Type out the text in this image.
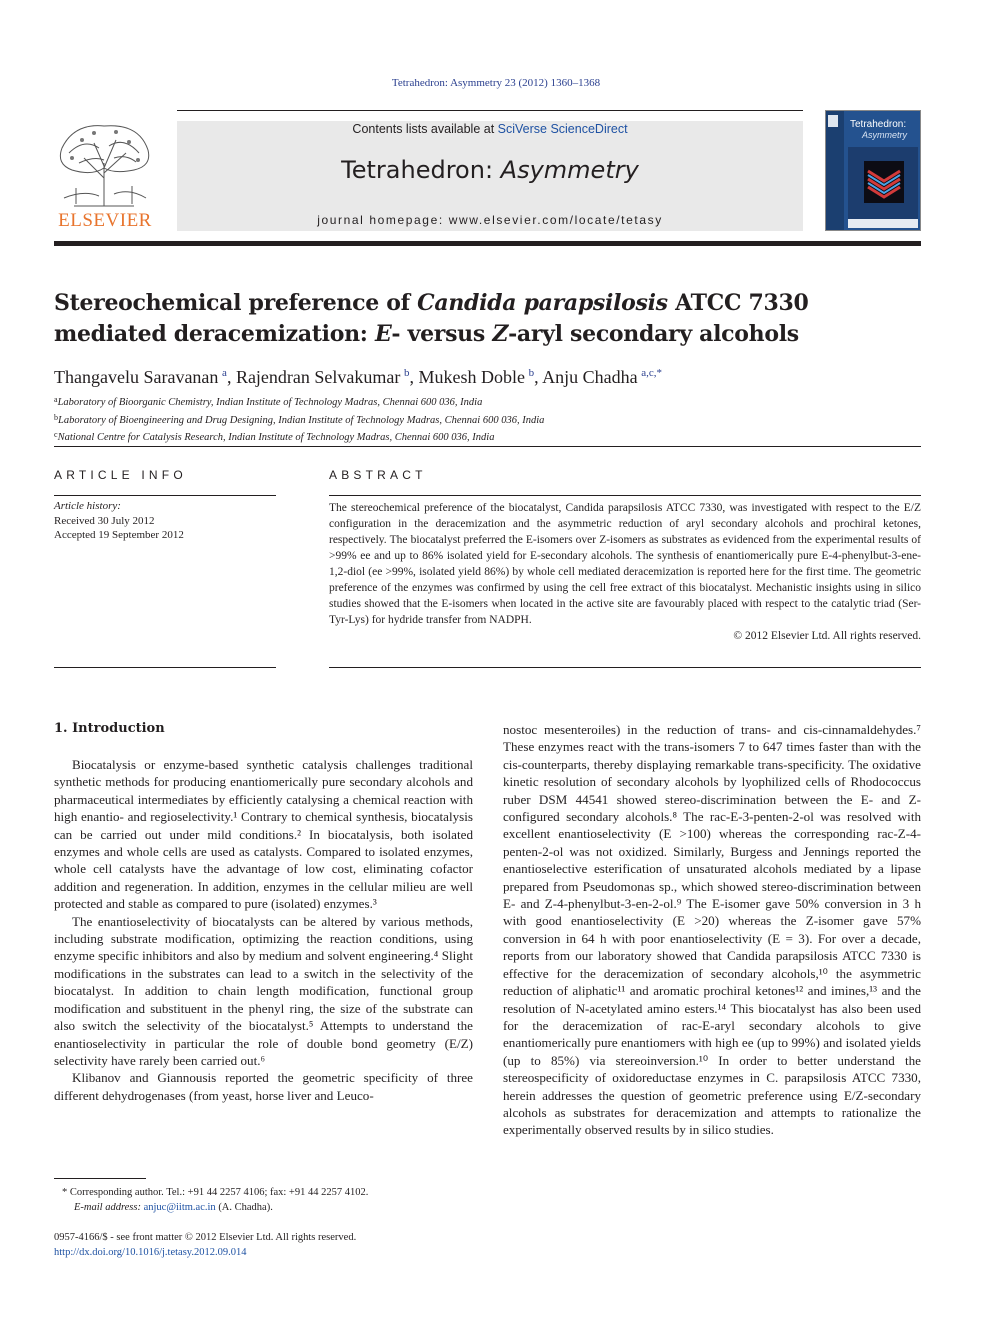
Tetrahedron: Asymmetry 23 (2012) 1360–1368
ELSEVIER
Contents lists available at SciVerse ScienceDirect
Tetrahedron: Asymmetry
journal homepage: www.elsevier.com/locate/tetasy
Tetrahedron:
Asymmetry
Stereochemical preference of Candida parapsilosis ATCC 7330 mediated deracemization: E- versus Z-aryl secondary alcohols
Thangavelu Saravanan  $^a$, Rajendran Selvakumar  $^b$, Mukesh Doble  $^b$, Anju Chadha  $^{a,c,*}$
$^a$Laboratory of Bioorganic Chemistry, Indian Institute of Technology Madras, Chennai 600 036, India
$^b$Laboratory of Bioengineering and Drug Designing, Indian Institute of Technology Madras, Chennai 600 036, India
$^c$National Centre for Catalysis Research, Indian Institute of Technology Madras, Chennai 600 036, India
ARTICLE INFO
Article history:
Received 30 July 2012
Accepted 19 September 2012
ABSTRACT

The stereochemical preference of the biocatalyst, Candida parapsilosis ATCC 7330, was investigated with respect to the E/Z configuration in the deracemization and the asymmetric reduction of aryl secondary alcohols and prochiral ketones, respectively. The biocatalyst preferred the E-isomers over Z-isomers as substrates as evidenced from the experimental results of >99% ee and up to 86% isolated yield for E-secondary alcohols. The synthesis of enantiomerically pure E-4-phenylbut-3-ene-1,2-diol (ee >99%, isolated yield 86%) by whole cell mediated deracemization is reported here for the first time. The geometric preference of the enzymes was confirmed by using the cell free extract of this biocatalyst. Mechanistic insights using in silico studies showed that the E-isomers when located in the active site are favourably placed with respect to the catalytic triad (Ser-Tyr-Lys) for hydride transfer from NADPH.

© 2012 Elsevier Ltd. All rights reserved.

1. Introduction

Biocatalysis or enzyme-based synthetic catalysis challenges traditional synthetic methods for producing enantiomerically pure secondary alcohols and pharmaceutical intermediates by efficiently catalysing a chemical reaction with high enantio- and regioselectivity.¹ Contrary to chemical synthesis, biocatalysis can be carried out under mild conditions.² In biocatalysis, both isolated enzymes and whole cells are used as catalysts. Compared to isolated enzymes, whole cell catalysts have the advantage of low cost, eliminating cofactor addition and regeneration. In addition, enzymes in the cellular milieu are well protected and stable as compared to pure (isolated) enzymes.³

The enantioselectivity of biocatalysts can be altered by various methods, including substrate modification, optimizing the reaction conditions, using enzyme specific inhibitors and also by medium and solvent engineering.⁴ Slight modifications in the substrates can lead to a switch in the selectivity of the biocatalyst. In addition to chain length modification, functional group modification and substituent in the phenyl ring, the size of the substrate can also switch the selectivity of the biocatalyst.⁵ Attempts to understand the enantioselectivity in particular the role of double bond geometry (E/Z) selectivity have rarely been carried out.⁶

Klibanov and Giannousis reported the geometric specificity of three different dehydrogenases (from yeast, horse liver and Leuco-

nostoc mesenteroiles) in the reduction of trans- and cis-cinnamaldehydes.⁷ These enzymes react with the trans-isomers 7 to 647 times faster than with the cis-counterparts, thereby displaying remarkable trans-specificity. The oxidative kinetic resolution of secondary alcohols by lyophilized cells of Rhodococcus ruber DSM 44541 showed stereo-discrimination between the E- and Z-configured secondary alcohols.⁸ The rac-E-3-penten-2-ol was resolved with excellent enantioselectivity (E >100) whereas the corresponding rac-Z-4-penten-2-ol was not oxidized. Similarly, Burgess and Jennings reported the enantioselective esterification of unsaturated alcohols mediated by a lipase prepared from Pseudomonas sp., which showed stereo-discrimination between E- and Z-4-phenylbut-3-en-2-ol.⁹ The E-isomer gave 50% conversion in 3 h with good enantioselectivity (E >20) whereas the Z-isomer gave 57% conversion in 64 h with poor enantioselectivity (E = 3). For over a decade, reports from our laboratory showed that Candida parapsilosis ATCC 7330 is effective for the deracemization of secondary alcohols,¹⁰ the asymmetric reduction of aliphatic¹¹ and aromatic prochiral ketones¹² and imines,¹³ and the resolution of N-acetylated amino esters.¹⁴ This biocatalyst has also been used for the deracemization of rac-E-aryl secondary alcohols to give enantiomerically pure enantiomers with high ee (up to 99%) and isolated yields (up to 85%) via stereoinversion.¹⁰ In order to better understand the stereospecificity of oxidoreductase enzymes in C. parapsilosis ATCC 7330, herein addresses the question of geometric preference using E/Z-secondary alcohols as substrates for deracemization and attempts to rationalize the experimentally observed results by in silico studies.

* Corresponding author. Tel.: +91 44 2257 4106; fax: +91 44 2257 4102.
E-mail address: anjuc@iitm.ac.in (A. Chadha).
0957-4166/$ - see front matter © 2012 Elsevier Ltd. All rights reserved.
http://dx.doi.org/10.1016/j.tetasy.2012.09.014
